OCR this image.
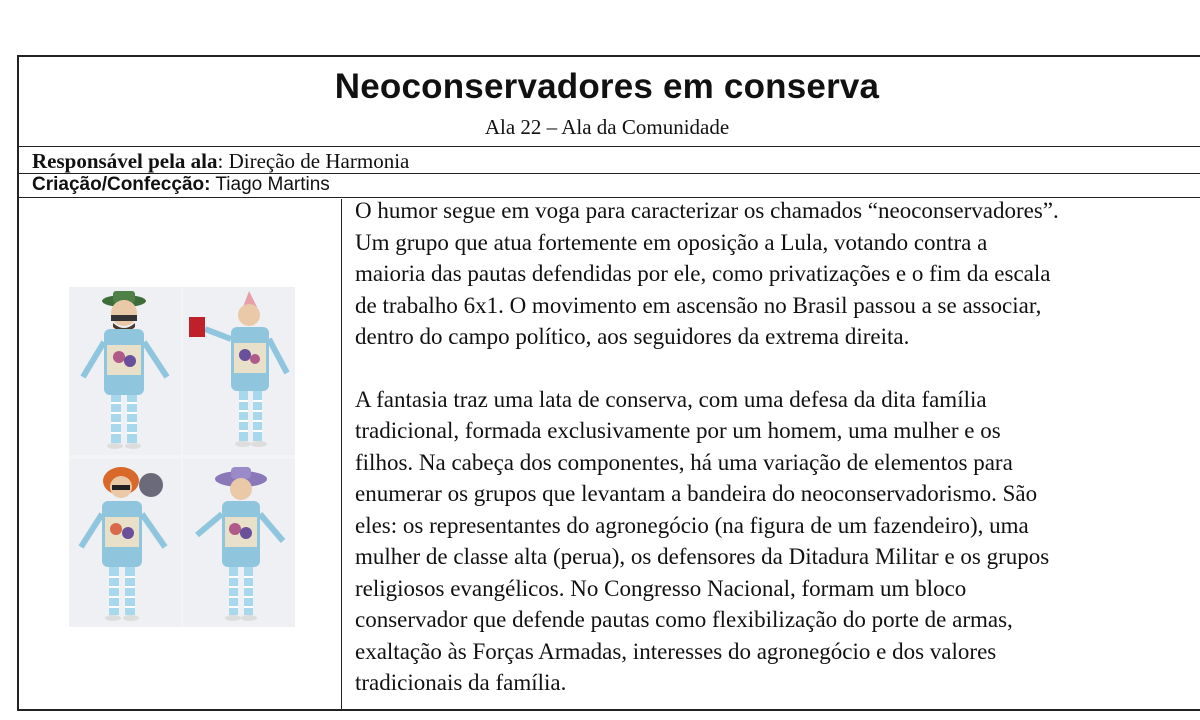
Neoconservadores em conserva
Ala 22 – Ala da Comunidade
Responsável pela ala: Direção de Harmonia
Criação/Confecção: Tiago Martins

O humor segue em voga para caracterizar os chamados “neoconservadores”.

Um grupo que atua fortemente em oposição a Lula, votando contra a

maioria das pautas defendidas por ele, como privatizações e o fim da escala

de trabalho 6x1. O movimento em ascensão no Brasil passou a se associar,

dentro do campo político, aos seguidores da extrema direita.

A fantasia traz uma lata de conserva, com uma defesa da dita família

tradicional, formada exclusivamente por um homem, uma mulher e os

filhos. Na cabeça dos componentes, há uma variação de elementos para

enumerar os grupos que levantam a bandeira do neoconservadorismo. São

eles: os representantes do agronegócio (na figura de um fazendeiro), uma

mulher de classe alta (perua), os defensores da Ditadura Militar e os grupos

religiosos evangélicos. No Congresso Nacional, formam um bloco

conservador que defende pautas como flexibilização do porte de armas,

exaltação às Forças Armadas, interesses do agronegócio e dos valores

tradicionais da família.
